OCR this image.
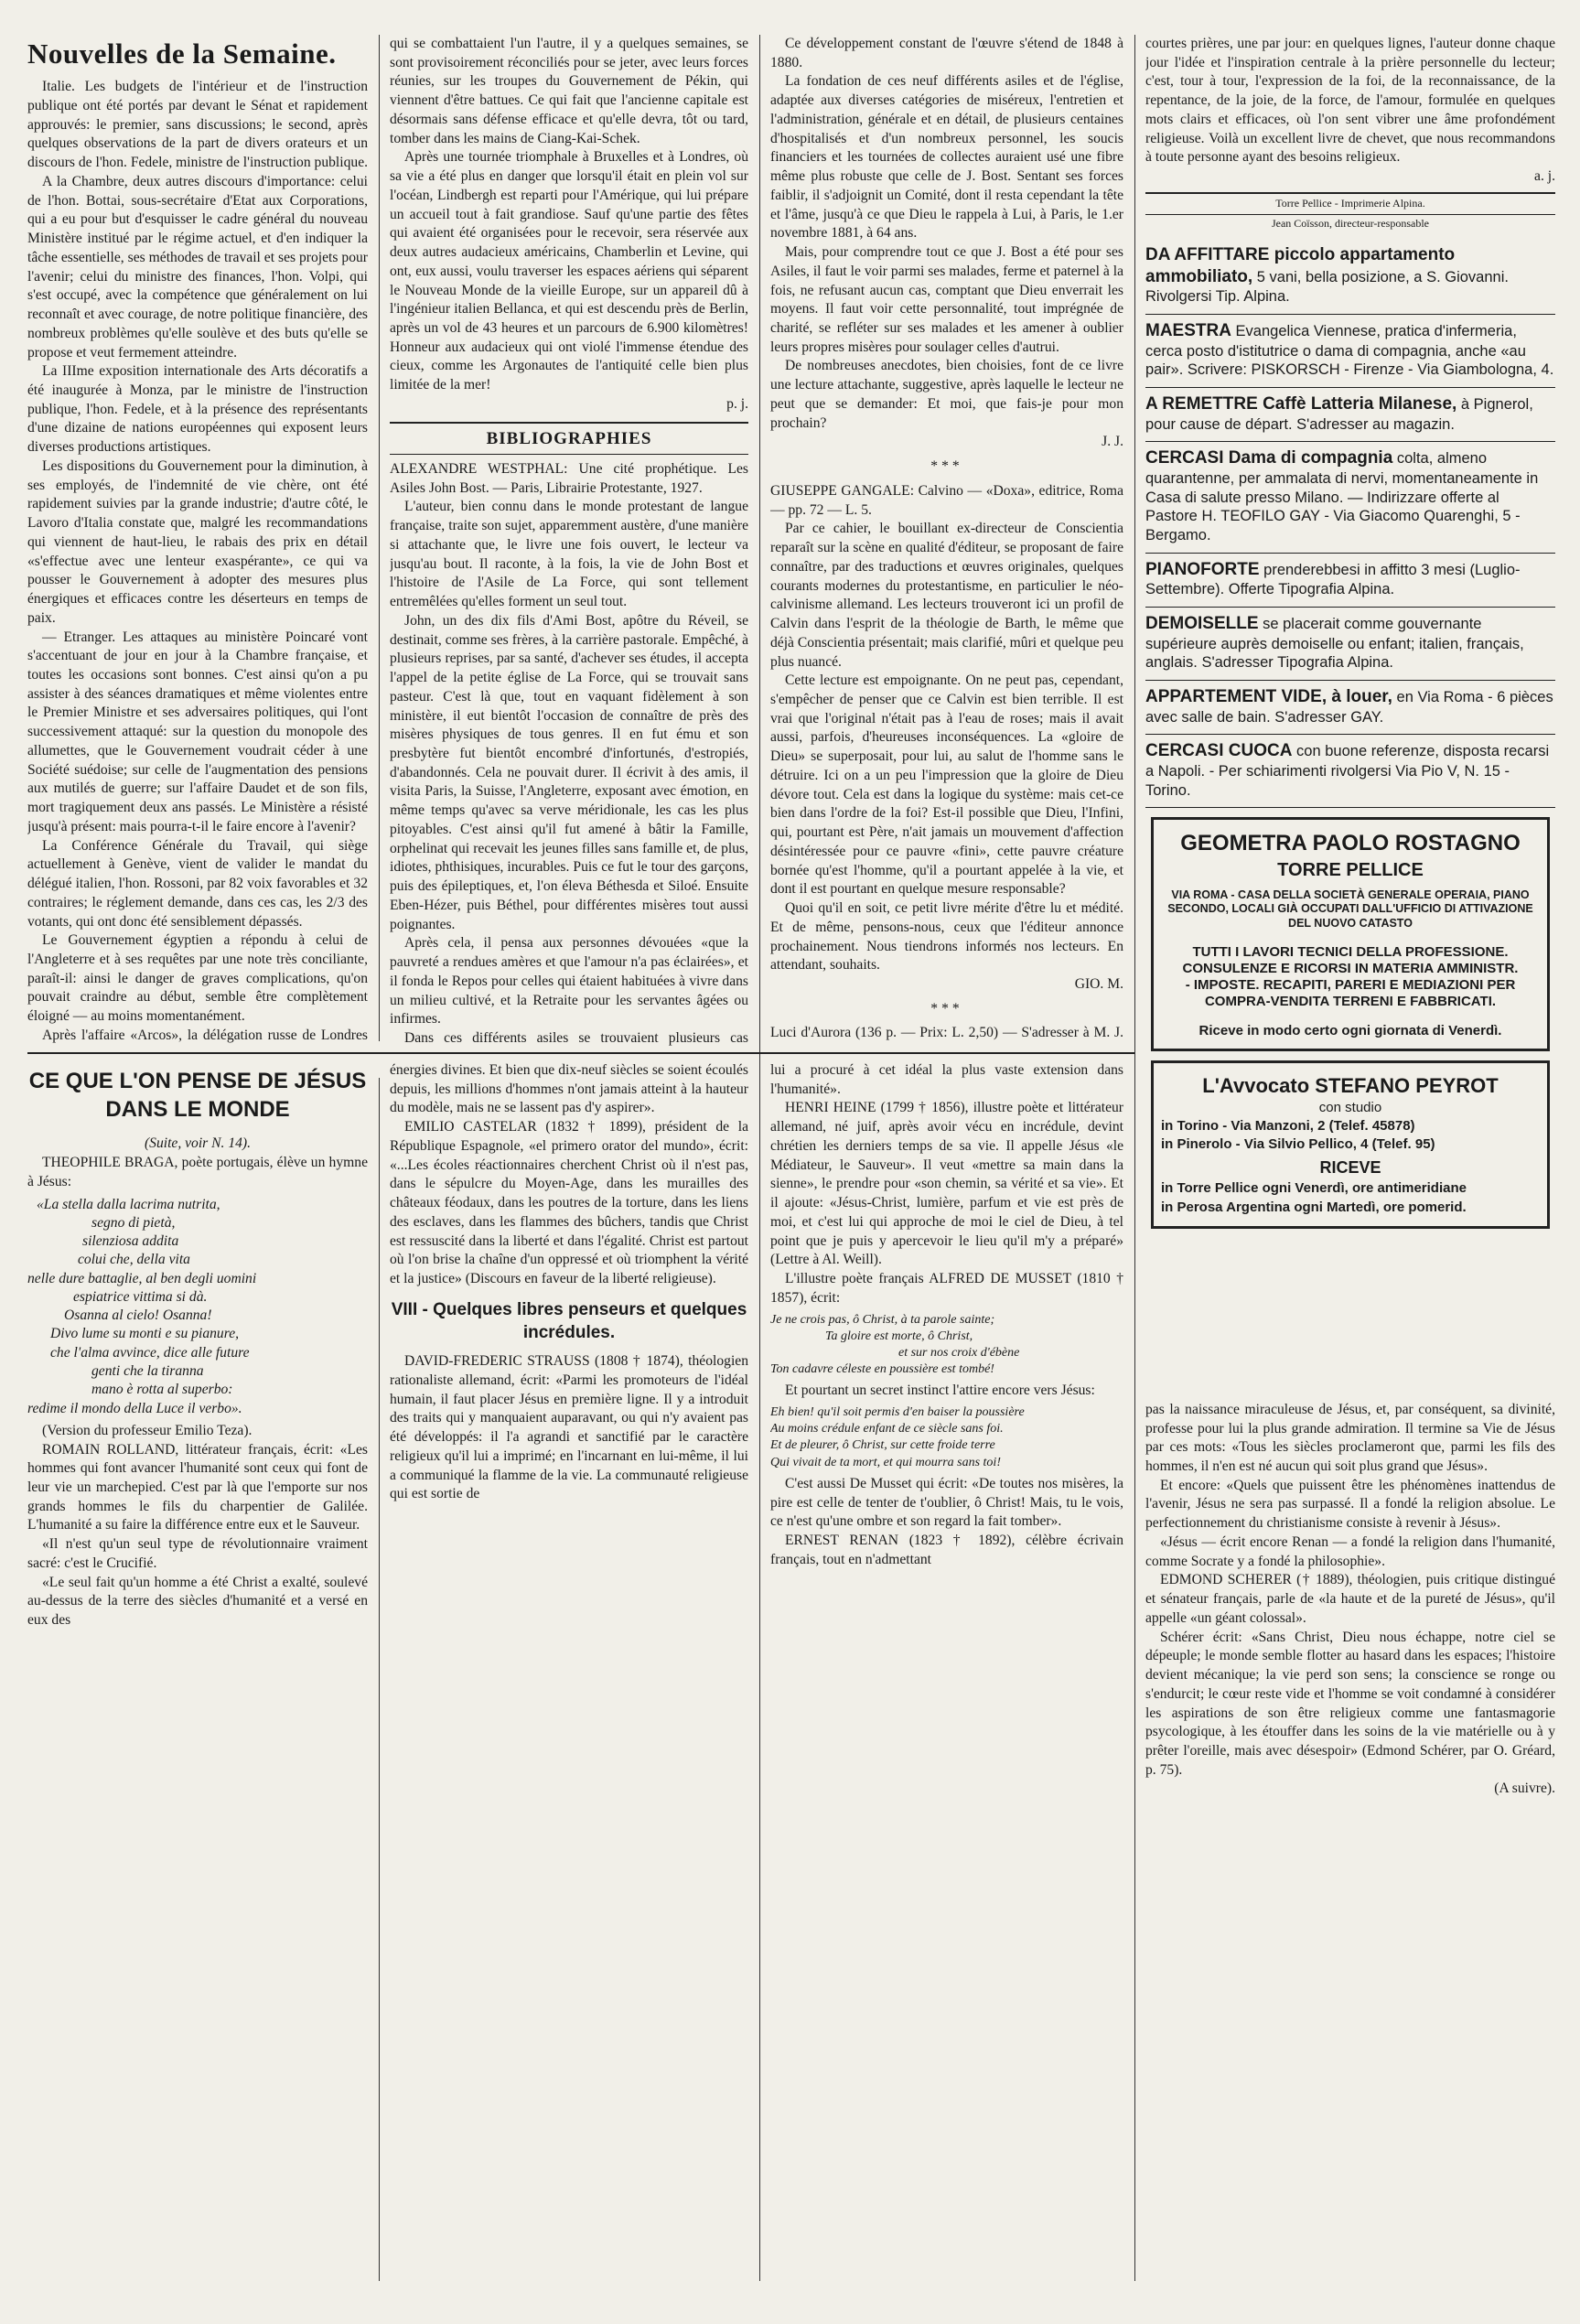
Nouvelles de la Semaine.

Italie. Les budgets de l'intérieur et de l'instruction publique ont été portés par devant le Sénat et rapidement approuvés: le premier, sans discussions; le second, après quelques observations de la part de divers orateurs et un discours de l'hon. Fedele, ministre de l'instruction publique.

A la Chambre, deux autres discours d'importance: celui de l'hon. Bottai, sous-secrétaire d'Etat aux Corporations, qui a eu pour but d'esquisser le cadre général du nouveau Ministère institué par le régime actuel, et d'en indiquer la tâche essentielle, ses méthodes de travail et ses projets pour l'avenir; celui du ministre des finances, l'hon. Volpi, qui s'est occupé, avec la compétence que généralement on lui reconnaît et avec courage, de notre politique financière, des nombreux problèmes qu'elle soulève et des buts qu'elle se propose et veut fermement atteindre.

La IIIme exposition internationale des Arts décoratifs a été inaugurée à Monza, par le ministre de l'instruction publique, l'hon. Fedele, et à la présence des représentants d'une dizaine de nations européennes qui exposent leurs diverses productions artistiques.

Les dispositions du Gouvernement pour la diminution, à ses employés, de l'indemnité de vie chère, ont été rapidement suivies par la grande industrie; d'autre côté, le Lavoro d'Italia constate que, malgré les recommandations qui viennent de haut-lieu, le rabais des prix en détail «s'effectue avec une lenteur exaspérante», ce qui va pousser le Gouvernement à adopter des mesures plus énergiques et efficaces contre les déserteurs en temps de paix.

— Etranger. Les attaques au ministère Poincaré vont s'accentuant de jour en jour à la Chambre française, et toutes les occasions sont bonnes. C'est ainsi qu'on a pu assister à des séances dramatiques et même violentes entre le Premier Ministre et ses adversaires politiques, qui l'ont successivement attaqué: sur la question du monopole des allumettes, que le Gouvernement voudrait céder à une Société suédoise; sur celle de l'augmentation des pensions aux mutilés de guerre; sur l'affaire Daudet et de son fils, mort tragiquement deux ans passés. Le Ministère a résisté jusqu'à présent: mais pourra-t-il le faire encore à l'avenir?

La Conférence Générale du Travail, qui siège actuellement à Genève, vient de valider le mandat du délégué italien, l'hon. Rossoni, par 82 voix favorables et 32 contraires; le réglement demande, dans ces cas, les 2/3 des votants, qui ont donc été sensiblement dépassés.

Le Gouvernement égyptien a répondu à celui de l'Angleterre et à ses requêtes par une note très conciliante, paraît-il: ainsi le danger de graves complications, qu'on pouvait craindre au début, semble être complètement éloigné — au moins momentanément.

Après l'affaire «Arcos», la délégation russe de Londres

qui se combattaient l'un l'autre, il y a quelques semaines, se sont provisoirement réconciliés pour se jeter, avec leurs forces réunies, sur les troupes du Gouvernement de Pékin, qui viennent d'être battues. Ce qui fait que l'ancienne capitale est désormais sans défense efficace et qu'elle devra, tôt ou tard, tomber dans les mains de Ciang-Kai-Schek.

Après une tournée triomphale à Bruxelles et à Londres, où sa vie a été plus en danger que lorsqu'il était en plein vol sur l'océan, Lindbergh est reparti pour l'Amérique, qui lui prépare un accueil tout à fait grandiose. Sauf qu'une partie des fêtes qui avaient été organisées pour le recevoir, sera réservée aux deux autres audacieux américains, Chamberlin et Levine, qui ont, eux aussi, voulu traverser les espaces aériens qui séparent le Nouveau Monde de la vieille Europe, sur un appareil dû à l'ingénieur italien Bellanca, et qui est descendu près de Berlin, après un vol de 43 heures et un parcours de 6.900 kilomètres! Honneur aux audacieux qui ont violé l'immense étendue des cieux, comme les Argonautes de l'antiquité celle bien plus limitée de la mer!

p. j.
BIBLIOGRAPHIES

ALEXANDRE WESTPHAL: Une cité prophétique. Les Asiles John Bost. — Paris, Librairie Protestante, 1927.

L'auteur, bien connu dans le monde protestant de langue française, traite son sujet, apparemment austère, d'une manière si attachante que, le livre une fois ouvert, le lecteur va jusqu'au bout. Il raconte, à la fois, la vie de John Bost et l'histoire de l'Asile de La Force, qui sont tellement entremêlées qu'elles forment un seul tout.

John, un des dix fils d'Ami Bost, apôtre du Réveil, se destinait, comme ses frères, à la carrière pastorale. Empêché, à plusieurs reprises, par sa santé, d'achever ses études, il accepta l'appel de la petite église de La Force, qui se trouvait sans pasteur. C'est là que, tout en vaquant fidèlement à son ministère, il eut bientôt l'occasion de connaître de près des misères physiques de tous genres. Il en fut ému et son presbytère fut bientôt encombré d'infortunés, d'estropiés, d'abandonnés. Cela ne pouvait durer. Il écrivit à des amis, il visita Paris, la Suisse, l'Angleterre, exposant avec émotion, en même temps qu'avec sa verve méridionale, les cas les plus pitoyables. C'est ainsi qu'il fut amené à bâtir la Famille, orphelinat qui recevait les jeunes filles sans famille et, de plus, idiotes, phthisiques, incurables. Puis ce fut le tour des garçons, puis des épileptiques, et, l'on éleva Béthesda et Siloé. Ensuite Eben-Hézer, puis Béthel, pour différentes misères tout aussi poignantes.

Après cela, il pensa aux personnes dévouées «que la pauvreté a rendues amères et que l'amour n'a pas éclairées», et il fonda le Repos pour celles qui étaient habituées à vivre dans un milieu cultivé, et la Retraite pour les servantes âgées ou infirmes.

Dans ces différents asiles se trouvaient plusieurs cas

Ce développement constant de l'œuvre s'étend de 1848 à 1880.

La fondation de ces neuf différents asiles et de l'église, adaptée aux diverses catégories de miséreux, l'entretien et l'administration, générale et en détail, de plusieurs centaines d'hospitalisés et d'un nombreux personnel, les soucis financiers et les tournées de collectes auraient usé une fibre même plus robuste que celle de J. Bost. Sentant ses forces faiblir, il s'adjoignit un Comité, dont il resta cependant la tête et l'âme, jusqu'à ce que Dieu le rappela à Lui, à Paris, le 1.er novembre 1881, à 64 ans.

Mais, pour comprendre tout ce que J. Bost a été pour ses Asiles, il faut le voir parmi ses malades, ferme et paternel à la fois, ne refusant aucun cas, comptant que Dieu enverrait les moyens. Il faut voir cette personnalité, tout imprégnée de charité, se refléter sur ses malades et les amener à oublier leurs propres misères pour soulager celles d'autrui.

De nombreuses anecdotes, bien choisies, font de ce livre une lecture attachante, suggestive, après laquelle le lecteur ne peut que se demander: Et moi, que fais-je pour mon prochain?

J. J.
***

GIUSEPPE GANGALE: Calvino — «Doxa», editrice, Roma — pp. 72 — L. 5.

Par ce cahier, le bouillant ex-directeur de Conscientia reparaît sur la scène en qualité d'éditeur, se proposant de faire connaître, par des traductions et œuvres originales, quelques courants modernes du protestantisme, en particulier le néo-calvinisme allemand. Les lecteurs trouveront ici un profil de Calvin dans l'esprit de la théologie de Barth, le même que déjà Conscientia présentait; mais clarifié, mûri et quelque peu plus nuancé.

Cette lecture est empoignante. On ne peut pas, cependant, s'empêcher de penser que ce Calvin est bien terrible. Il est vrai que l'original n'était pas à l'eau de roses; mais il avait aussi, parfois, d'heureuses inconséquences. La «gloire de Dieu» se superposait, pour lui, au salut de l'homme sans le détruire. Ici on a un peu l'impression que la gloire de Dieu dévore tout. Cela est dans la logique du système: mais cet-ce bien dans l'ordre de la foi? Est-il possible que Dieu, l'Infini, qui, pourtant est Père, n'ait jamais un mouvement d'affection désintéressée pour ce pauvre «fini», cette pauvre créature bornée qu'est l'homme, qu'il a pourtant appelée à la vie, et dont il est pourtant en quelque mesure responsable?

Quoi qu'il en soit, ce petit livre mérite d'être lu et médité. Et de même, pensons-nous, ceux que l'éditeur annonce prochainement. Nous tiendrons informés nos lecteurs. En attendant, souhaits.

GIO. M.
***

Luci d'Aurora (136 p. — Prix: L. 2,50) — S'adresser à M. J.

courtes prières, une par jour: en quelques lignes, l'auteur donne chaque jour l'idée et l'inspiration centrale à la prière personnelle du lecteur; c'est, tour à tour, l'expression de la foi, de la reconnaissance, de la repentance, de la joie, de la force, de l'amour, formulée en quelques mots clairs et efficaces, où l'on sent vibrer une âme profondément religieuse. Voilà un excellent livre de chevet, que nous recommandons à toute personne ayant des besoins religieux.

a. j.
Torre Pellice - Imprimerie Alpina.
Jean Coïsson, directeur-responsable
DA AFFITTARE piccolo appartamento ammobiliato, 5 vani, bella posizione, a S. Giovanni. Rivolgersi Tip. Alpina.
MAESTRA Evangelica Viennese, pratica d'infermeria, cerca posto d'istitutrice o dama di compagnia, anche «au pair». Scrivere: PISKORSCH - Firenze - Via Giambologna, 4.
A REMETTRE Caffè Latteria Milanese, à Pignerol, pour cause de départ. S'adresser au magazin.
CERCASI Dama di compagnia colta, almeno quarantenne, per ammalata di nervi, momentaneamente in Casa di salute presso Milano. — Indirizzare offerte al Pastore H. TEOFILO GAY - Via Giacomo Quarenghi, 5 - Bergamo.
PIANOFORTE prenderebbesi in affitto 3 mesi (Luglio-Settembre). Offerte Tipografia Alpina.
DEMOISELLE se placerait comme gouvernante supérieure auprès demoiselle ou enfant; italien, français, anglais. S'adresser Tipografia Alpina.
APPARTEMENT VIDE, à louer, en Via Roma - 6 pièces avec salle de bain. S'adresser GAY.
CERCASI CUOCA con buone referenze, disposta recarsi a Napoli. - Per schiarimenti rivolgersi Via Pio V, N. 15 - Torino.
GEOMETRA PAOLO ROSTAGNO
TORRE PELLICE
VIA ROMA - CASA DELLA SOCIETÀ GENERALE OPERAIA, PIANO SECONDO, LOCALI GIÀ OCCUPATI DALL'UFFICIO DI ATTIVAZIONE DEL NUOVO CATASTO
TUTTI I LAVORI TECNICI DELLA PROFESSIONE. CONSULENZE E RICORSI IN MATERIA AMMINISTR. - IMPOSTE. RECAPITI, PARERI E MEDIAZIONI PER COMPRA-VENDITA TERRENI E FABBRICATI.
Riceve in modo certo ogni giornata di Venerdì.
L'Avvocato STEFANO PEYROT
con studio
in Torino - Via Manzoni, 2 (Telef. 45878)
in Pinerolo - Via Silvio Pellico, 4 (Telef. 95)
RICEVE
in Torre Pellice ogni Venerdì, ore antimeridiane
in Perosa Argentina ogni Martedì, ore pomerid.

pas la naissance miraculeuse de Jésus, et, par conséquent, sa divinité, professe pour lui la plus grande admiration. Il termine sa Vie de Jésus par ces mots: «Tous les siècles proclameront que, parmi les fils des hommes, il n'en est né aucun qui soit plus grand que Jésus».

Et encore: «Quels que puissent être les phénomènes inattendus de l'avenir, Jésus ne sera pas surpassé. Il a fondé la religion absolue. Le perfectionnement du christianisme consiste à revenir à Jésus».

«Jésus — écrit encore Renan — a fondé la religion dans l'humanité, comme Socrate y a fondé la philosophie».

EDMOND SCHERER († 1889), théologien, puis critique distingué et sénateur français, parle de «la haute et de la pureté de Jésus», qu'il appelle «un géant colossal».

Schérer écrit: «Sans Christ, Dieu nous échappe, notre ciel se dépeuple; le monde semble flotter au hasard dans les espaces; l'histoire devient mécanique; la vie perd son sens; la conscience se ronge ou s'endurcit; le cœur reste vide et l'homme se voit condamné à considérer les aspirations de son être religieux comme une fantasmagorie psycologique, à les étouffer dans les soins de la vie matérielle ou à y prêter l'oreille, mais avec désespoir» (Edmond Schérer, par O. Gréard, p. 75).

(A suivre).
CE QUE L'ON PENSE DE JÉSUS DANS LE MONDE
(Suite, voir N. 14).

THEOPHILE BRAGA, poète portugais, élève un hymne à Jésus:

«La stella dalla lacrima nutrita,
segno di pietà,
silenziosa addita
colui che, della vita
nelle dure battaglie, al ben degli uomini
espiatrice vittima si dà.
Osanna al cielo! Osanna!
Divo lume su monti e su pianure,
che l'alma avvince, dice alle future
genti che la tiranna
mano è rotta al superbo:
redime il mondo della Luce il verbo».

(Version du professeur Emilio Teza).

ROMAIN ROLLAND, littérateur français, écrit: «Les hommes qui font avancer l'humanité sont ceux qui font de leur vie un marchepied. C'est par là que l'emporte sur nos grands hommes le fils du charpentier de Galilée. L'humanité a su faire la différence entre eux et le Sauveur.

«Il n'est qu'un seul type de révolutionnaire vraiment sacré: c'est le Crucifié.

«Le seul fait qu'un homme a été Christ a exalté, soulevé au-dessus de la terre des siècles d'humanité et a versé en eux des

énergies divines. Et bien que dix-neuf siècles se soient écoulés depuis, les millions d'hommes n'ont jamais atteint à la hauteur du modèle, mais ne se lassent pas d'y aspirer».

EMILIO CASTELAR (1832 † 1899), président de la République Espagnole, «el primero orator del mundo», écrit: «...Les écoles réactionnaires cherchent Christ où il n'est pas, dans le sépulcre du Moyen-Age, dans les murailles des châteaux féodaux, dans les poutres de la torture, dans les liens des esclaves, dans les flammes des bûchers, tandis que Christ est ressuscité dans la liberté et dans l'égalité. Christ est partout où l'on brise la chaîne d'un oppressé et où triomphent la vérité et la justice» (Discours en faveur de la liberté religieuse).

VIII - Quelques libres penseurs et quelques incrédules.

DAVID-FREDERIC STRAUSS (1808 † 1874), théologien rationaliste allemand, écrit: «Parmi les promoteurs de l'idéal humain, il faut placer Jésus en première ligne. Il y a introduit des traits qui y manquaient auparavant, ou qui n'y avaient pas été développés: il l'a agrandi et sanctifié par le caractère religieux qu'il lui a imprimé; en l'incarnant en lui-même, il lui a communiqué la flamme de la vie. La communauté religieuse qui est sortie de

lui a procuré à cet idéal la plus vaste extension dans l'humanité».

HENRI HEINE (1799 † 1856), illustre poète et littérateur allemand, né juif, après avoir vécu en incrédule, devint chrétien les derniers temps de sa vie. Il appelle Jésus «le Médiateur, le Sauveur». Il veut «mettre sa main dans la sienne», le prendre pour «son chemin, sa vérité et sa vie». Et il ajoute: «Jésus-Christ, lumière, parfum et vie est près de moi, et c'est lui qui approche de moi le ciel de Dieu, à tel point que je puis y apercevoir le lieu qu'il m'y a préparé» (Lettre à Al. Weill).

L'illustre poète français ALFRED DE MUSSET (1810 † 1857), écrit:

Je ne crois pas, ô Christ, à ta parole sainte;
Ta gloire est morte, ô Christ,
et sur nos croix d'ébène
Ton cadavre céleste en poussière est tombé!

Et pourtant un secret instinct l'attire encore vers Jésus:

Eh bien! qu'il soit permis d'en baiser la poussière
Au moins crédule enfant de ce siècle sans foi.
Et de pleurer, ô Christ, sur cette froide terre
Qui vivait de ta mort, et qui mourra sans toi!

C'est aussi De Musset qui écrit: «De toutes nos misères, la pire est celle de tenter de t'oublier, ô Christ! Mais, tu le vois, ce n'est qu'une ombre et son regard la fait tomber».

ERNEST RENAN (1823 † 1892), célèbre écrivain français, tout en n'admettant
